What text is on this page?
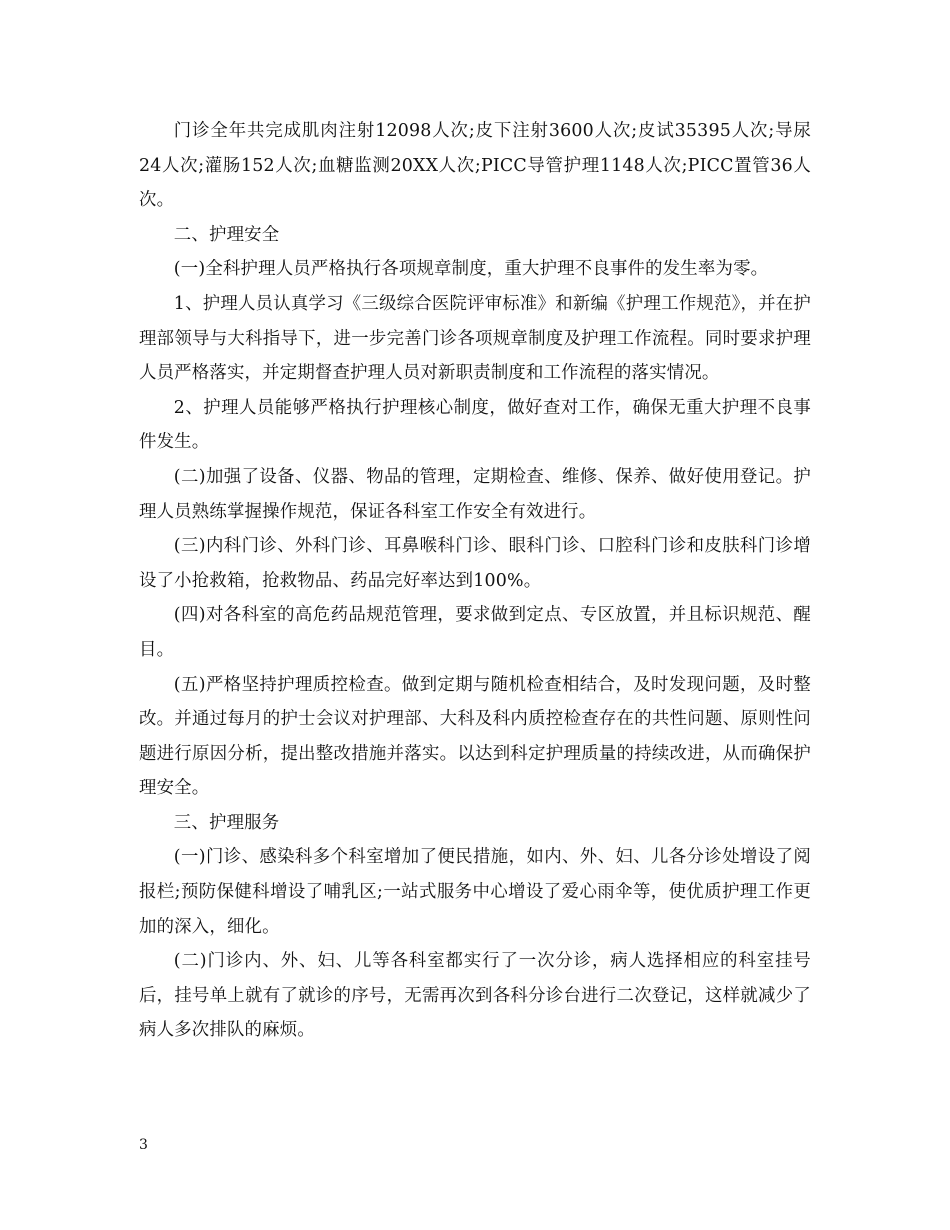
门诊全年共完成肌肉注射12098人次;皮下注射3600人次;皮试35395人次;导尿24人次;灌肠152人次;血糖监测20XX人次;PICC导管护理1148人次;PICC置管36人次。

二、护理安全

(一)全科护理人员严格执行各项规章制度，重大护理不良事件的发生率为零。

1、护理人员认真学习《三级综合医院评审标准》和新编《护理工作规范》，并在护理部领导与大科指导下，进一步完善门诊各项规章制度及护理工作流程。同时要求护理人员严格落实，并定期督查护理人员对新职责制度和工作流程的落实情况。

2、护理人员能够严格执行护理核心制度，做好查对工作，确保无重大护理不良事件发生。

(二)加强了设备、仪器、物品的管理，定期检查、维修、保养、做好使用登记。护理人员熟练掌握操作规范，保证各科室工作安全有效进行。

(三)内科门诊、外科门诊、耳鼻喉科门诊、眼科门诊、口腔科门诊和皮肤科门诊增设了小抢救箱，抢救物品、药品完好率达到100%。

(四)对各科室的高危药品规范管理，要求做到定点、专区放置，并且标识规范、醒目。

(五)严格坚持护理质控检查。做到定期与随机检查相结合，及时发现问题，及时整改。并通过每月的护士会议对护理部、大科及科内质控检查存在的共性问题、原则性问题进行原因分析，提出整改措施并落实。以达到科定护理质量的持续改进，从而确保护理安全。

三、护理服务

(一)门诊、感染科多个科室增加了便民措施，如内、外、妇、儿各分诊处增设了阅报栏;预防保健科增设了哺乳区;一站式服务中心增设了爱心雨伞等，使优质护理工作更加的深入，细化。

(二)门诊内、外、妇、儿等各科室都实行了一次分诊，病人选择相应的科室挂号后，挂号单上就有了就诊的序号，无需再次到各科分诊台进行二次登记，这样就减少了病人多次排队的麻烦。

3
